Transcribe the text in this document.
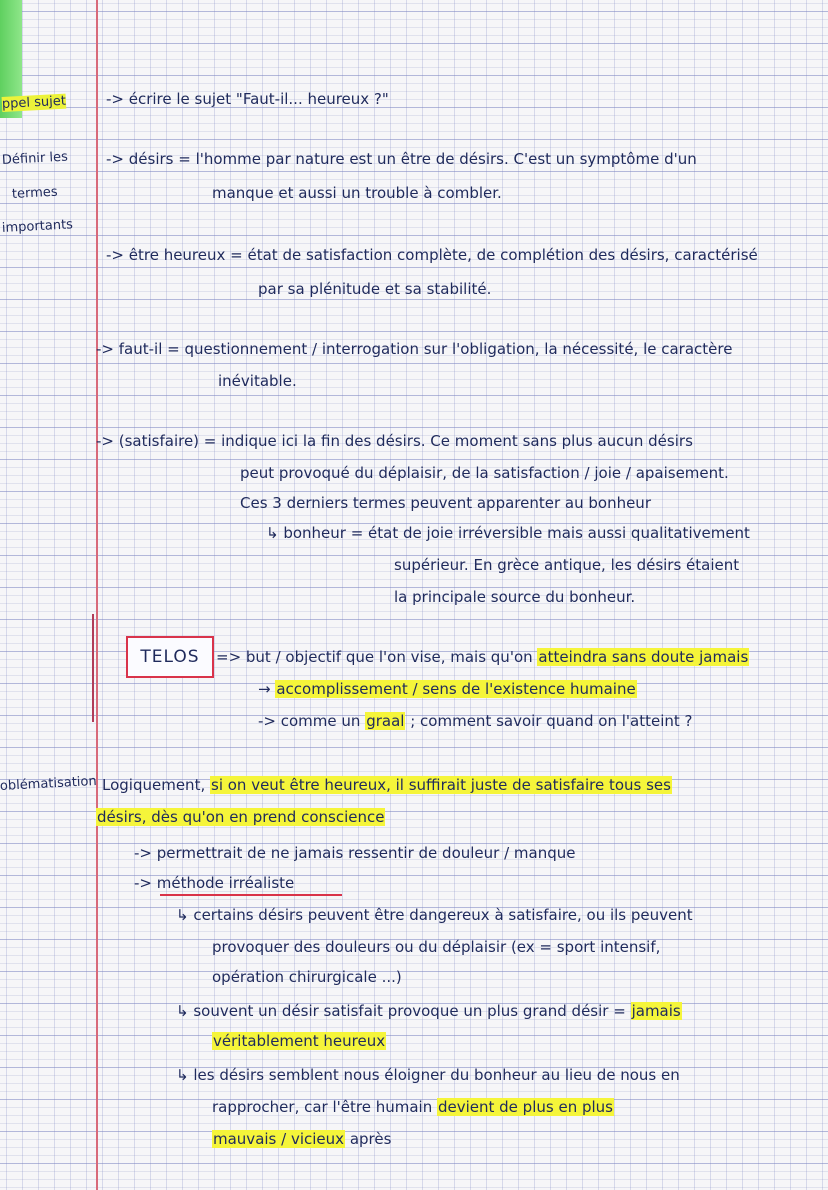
ppel sujet
Définir les
termes
importants
oblématisation
-> écrire le sujet "Faut-il... heureux ?"
-> désirs = l'homme par nature est un être de désirs. C'est un symptôme d'un
manque et aussi un trouble à combler.
-> être heureux = état de satisfaction complète, de complétion des désirs, caractérisé
par sa plénitude et sa stabilité.
-> faut-il = questionnement / interrogation sur l'obligation, la nécessité, le caractère
inévitable.
-> (satisfaire) = indique ici la fin des désirs. Ce moment sans plus aucun désirs
peut provoqué du déplaisir, de la satisfaction / joie / apaisement.
Ces 3 derniers termes peuvent apparenter au bonheur
↳ bonheur = état de joie irréversible mais aussi qualitativement
supérieur. En grèce antique, les désirs étaient
la principale source du bonheur.
TELOS => but / objectif que l'on vise, mais qu'on atteindra sans doute jamais
→ accomplissement / sens de l'existence humaine
-> comme un graal ; comment savoir quand on l'atteint ?
Logiquement, si on veut être heureux, il suffirait juste de satisfaire tous ses
désirs, dès qu'on en prend conscience
-> permettrait de ne jamais ressentir de douleur / manque
-> méthode irréaliste
↳ certains désirs peuvent être dangereux à satisfaire, ou ils peuvent
provoquer des douleurs ou du déplaisir (ex = sport intensif,
opération chirurgicale ...)
↳ souvent un désir satisfait provoque un plus grand désir = jamais
véritablement heureux
↳ les désirs semblent nous éloigner du bonheur au lieu de nous en
rapprocher, car l'être humain devient de plus en plus
mauvais / vicieux après
